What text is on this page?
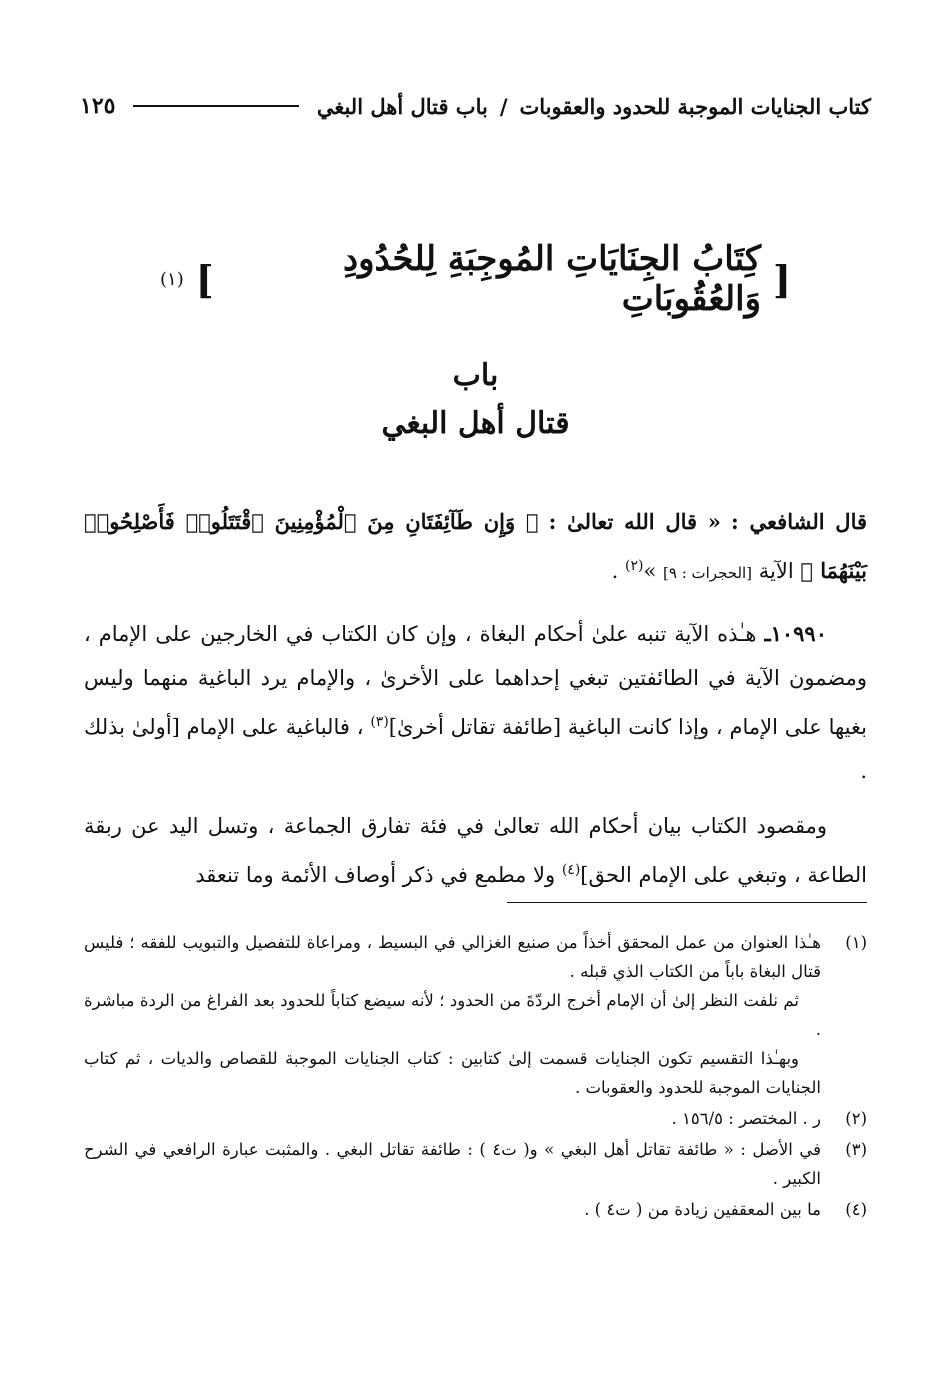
كتاب الجنايات الموجبة للحدود والعقوبات
/
باب قتال أهل البغي
١٢٥
[
كِتَابُ الجِنَايَاتِ المُوجِبَةِ لِلحُدُودِ وَالعُقُوبَاتِ
]
(١)
باب
قتال أهل البغي
قال الشافعي : « قال الله تعالىٰ : ﴿ وَإِن طَآئِفَتَانِ مِنَ ٱلْمُؤْمِنِينَ ٱقْتَتَلُوا۟ فَأَصْلِحُوا۟ بَيْنَهُمَا ﴾ الآية [الحجرات : ٩] »$^{(٢)}$ .
١٠٩٩٠ـ هـٰذه الآية تنبه علىٰ أحكام البغاة ، وإن كان الكتاب في الخارجين على الإمام ، ومضمون الآية في الطائفتين تبغي إحداهما على الأخرىٰ ، والإمام يرد الباغية منهما وليس بغيها على الإمام ، وإذا كانت الباغية [طائفة تقاتل أخرىٰ]$^{(٣)}$ ، فالباغية على الإمام [أولىٰ بذلك .
ومقصود الكتاب بيان أحكام الله تعالىٰ في فئة تفارق الجماعة ، وتسل اليد عن ربقة الطاعة ، وتبغي على الإمام الحق]$^{(٤)}$ ولا مطمع في ذكر أوصاف الأئمة وما تنعقد
(١)

هـٰذا العنوان من عمل المحقق أخذاً من صنيع الغزالي في البسيط ، ومراعاة للتفصيل والتبويب للفقه ؛ فليس قتال البغاة باباً من الكتاب الذي قبله .

ثم نلفت النظر إلىٰ أن الإمام أخرج الردّةَ من الحدود ؛ لأنه سيضع كتاباً للحدود بعد الفراغ من الردة مباشرة .

وبهـٰذا التقسيم تكون الجنايات قسمت إلىٰ كتابين : كتاب الجنايات الموجبة للقصاص والديات ، ثم كتاب الجنايات الموجبة للحدود والعقوبات .

(٢)

ر . المختصر : ١٥٦/٥ .

(٣)

في الأصل : « طائفة تقاتل أهل البغي » و( ت٤ ) : طائفة تقاتل البغي . والمثبت عبارة الرافعي في الشرح الكبير .

(٤)

ما بين المعقفين زيادة من ( ت٤ ) .
